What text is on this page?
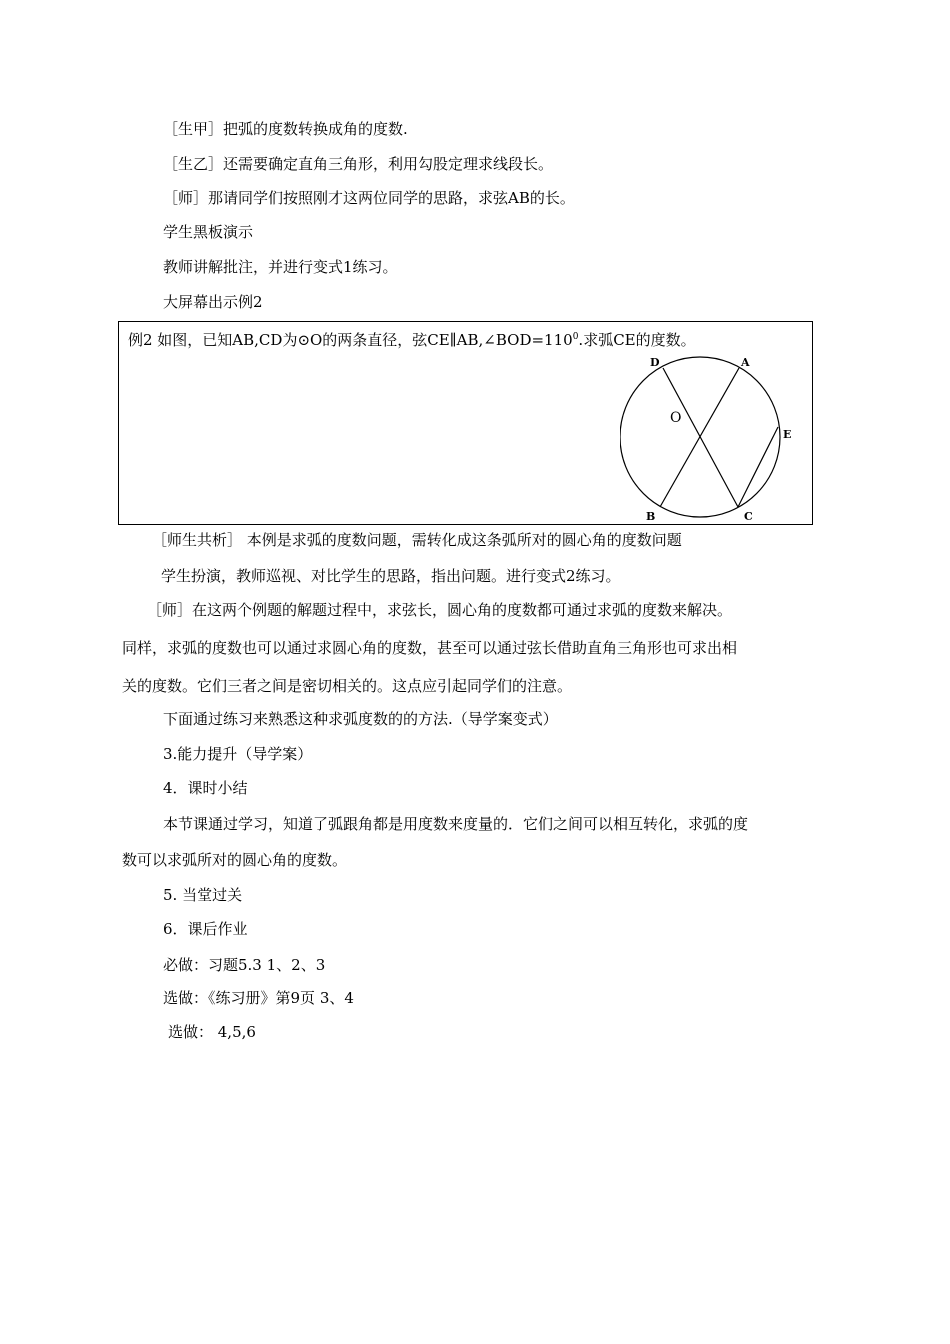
［生甲］把弧的度数转换成角的度数.
［生乙］还需要确定直角三角形，利用勾股定理求线段长。
［师］那请同学们按照刚才这两位同学的思路，求弦AB的长。
学生黑板演示
教师讲解批注，并进行变式1练习。
大屏幕出示例2
例2 如图，已知AB,CD为⊙O的两条直径，弦$CE\parallel AB,\angle BOD=110^0$.求弧CE的度数。
D	A
O
E
B	C
［师生共析］ 本例是求弧的度数问题，需转化成这条弧所对的圆心角的度数问题
学生扮演，教师巡视、对比学生的思路，指出问题。进行变式2练习。
［师］在这两个例题的解题过程中，求弦长，圆心角的度数都可通过求弧的度数来解决。
同样，求弧的度数也可以通过求圆心角的度数，甚至可以通过弦长借助直角三角形也可求出相
关的度数。它们三者之间是密切相关的。这点应引起同学们的注意。
下面通过练习来熟悉这种求弧度数的的方法.（导学案变式）
3.能力提升（导学案）
4．课时小结
本节课通过学习，知道了弧跟角都是用度数来度量的．它们之间可以相互转化，求弧的度
数可以求弧所对的圆心角的度数。
5. 当堂过关
6．课后作业
必做：习题5.3 1、2、3
选做：《练习册》第9页 3、4
选做： 4,5,6
